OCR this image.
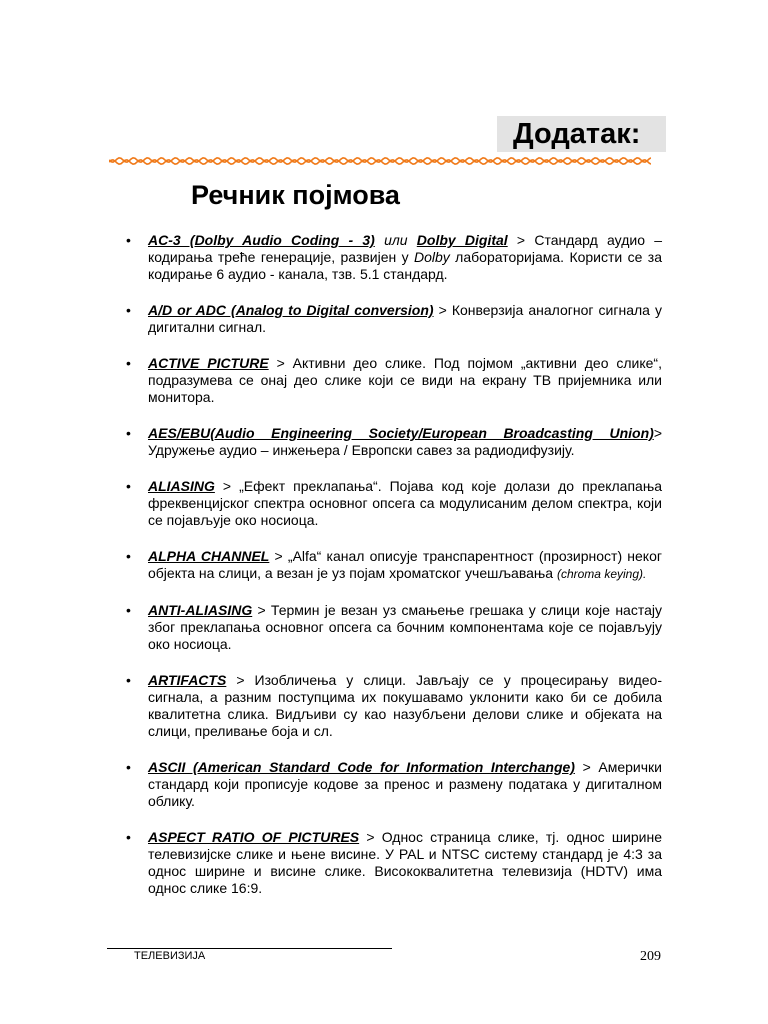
Додатак:
Речник појмова
• AC-3 (Dolby Audio Coding - 3) или Dolby Digital > Стандард аудио – кодирања треће генерације, развијен у Dolby лабораторијама. Користи се за кодирање 6 аудио - канала, тзв. 5.1 стандард.
• A/D or ADC (Analog to Digital conversion) > Конверзија аналогног сигнала у дигитални сигнал.
• ACTIVE PICTURE > Активни део слике. Под појмом „активни део слике“, подразумева се онај део слике који се види на екрану ТВ пријемника или монитора.
• AES/EBU(Audio Engineering Society/European Broadcasting Union)> Удружење аудио – инжењера / Европски савез за радиодифузију.
• ALIASING > „Ефект преклапања“. Појава код које долази до преклапања фреквенцијског спектра основног опсега са модулисаним делом спектра, који се појављује око носиоца.
• ALPHA CHANNEL > „Alfa“ канал описује транспарентност (прозирност) неког објекта на слици, а везан је уз појам хроматског учешљавања (chroma keying).
• ANTI-ALIASING > Термин је везан уз смањење грешака у слици које настају због преклапања основног опсега са бочним компонентама које се појављују око носиоца.
• ARTIFACTS > Изобличења у слици. Јављају се у процесирању видео-сигнала, а разним поступцима их покушавамо уклонити како би се добила квалитетна слика. Видљиви су као назубљени делови слике и објеката на слици, преливање боја и сл.
• ASCII (American Standard Code for Information Interchange) > Амерички стандард који прописује кодове за пренос и размену података у дигиталном облику.
• ASPECT RATIO OF PICTURES > Однос страница слике, тј. однос ширине телевизијске слике и њене висине. У PAL и NTSC систему стандард је 4:3 за однос ширине и висине слике. Висококвалитетна телевизија (HDTV) има однос слике 16:9.
ТЕЛЕВИЗИЈА	209
